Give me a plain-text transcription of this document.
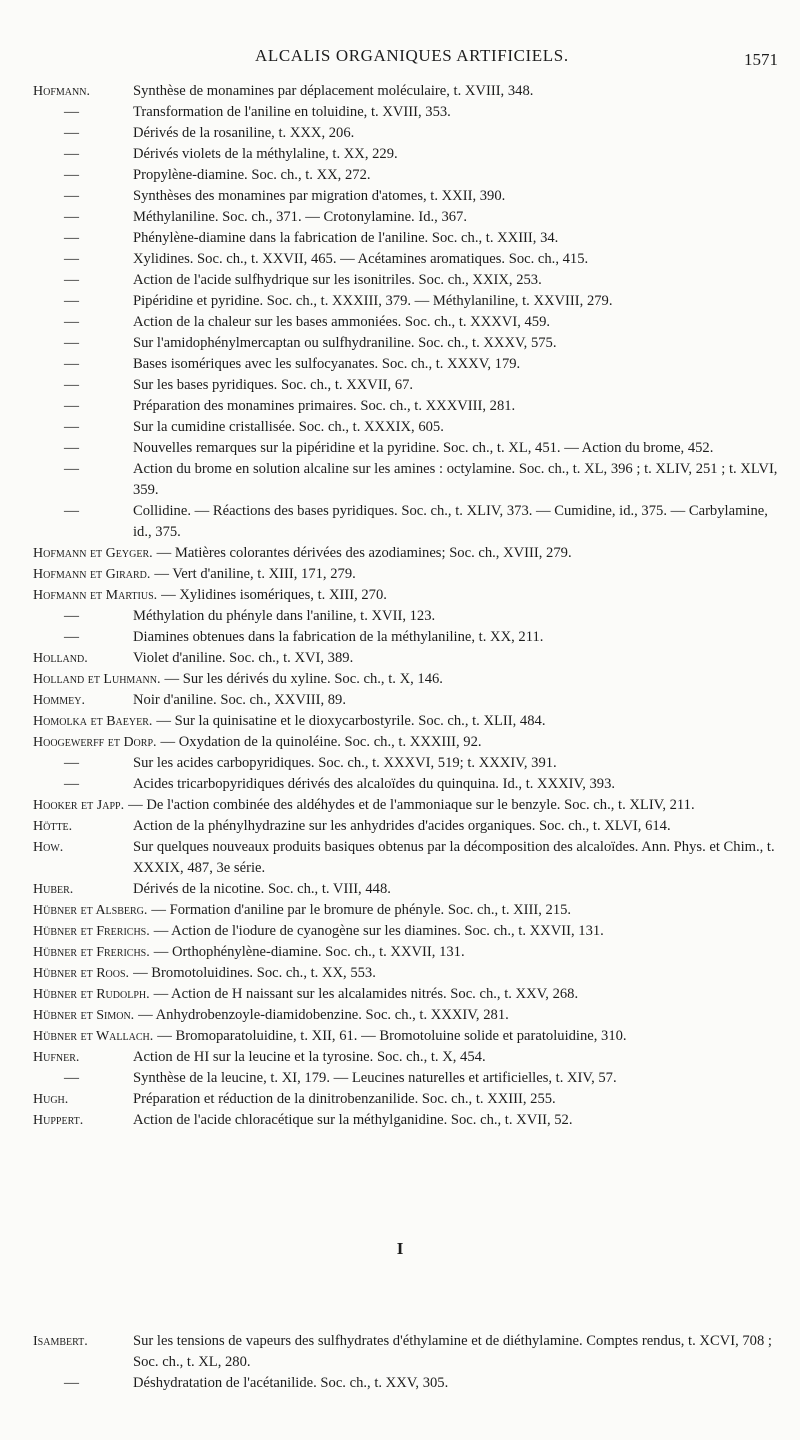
ALCALIS ORGANIQUES ARTIFICIELS.	1571
Hofmann.	Synthèse de monamines par déplacement moléculaire, t. XVIII, 348.
—	Transformation de l'aniline en toluidine, t. XVIII, 353.
—	Dérivés de la rosaniline, t. XXX, 206.
—	Dérivés violets de la méthylaline, t. XX, 229.
—	Propylène-diamine. Soc. ch., t. XX, 272.
—	Synthèses des monamines par migration d'atomes, t. XXII, 390.
—	Méthylaniline. Soc. ch., 371. — Crotonylamine. Id., 367.
—	Phénylène-diamine dans la fabrication de l'aniline. Soc. ch., t. XXIII, 34.
—	Xylidines. Soc. ch., t. XXVII, 465. — Acétamines aromatiques. Soc. ch., 415.
—	Action de l'acide sulfhydrique sur les isonitriles. Soc. ch., XXIX, 253.
—	Pipéridine et pyridine. Soc. ch., t. XXXIII, 379. — Méthylaniline, t. XXVIII, 279.
—	Action de la chaleur sur les bases ammoniées. Soc. ch., t. XXXVI, 459.
—	Sur l'amidophénylmercaptan ou sulfhydraniline. Soc. ch., t. XXXV, 575.
—	Bases isomériques avec les sulfocyanates. Soc. ch., t. XXXV, 179.
—	Sur les bases pyridiques. Soc. ch., t. XXVII, 67.
—	Préparation des monamines primaires. Soc. ch., t. XXXVIII, 281.
—	Sur la cumidine cristallisée. Soc. ch., t. XXXIX, 605.
—	Nouvelles remarques sur la pipéridine et la pyridine. Soc. ch., t. XL, 451. — Action du brome, 452.
—	Action du brome en solution alcaline sur les amines : octylamine. Soc. ch., t. XL, 396 ; t. XLIV, 251 ; t. XLVI, 359.
—	Collidine. — Réactions des bases pyridiques. Soc. ch., t. XLIV, 373. — Cumidine, id., 375. — Carbylamine, id., 375.
Hofmann et Geyger. — Matières colorantes dérivées des azodiamines; Soc. ch., XVIII, 279.
Hofmann et Girard. — Vert d'aniline, t. XIII, 171, 279.
Hofmann et Martius. — Xylidines isomériques, t. XIII, 270.
—	Méthylation du phényle dans l'aniline, t. XVII, 123.
—	Diamines obtenues dans la fabrication de la méthylaniline, t. XX, 211.
Holland.	Violet d'aniline. Soc. ch., t. XVI, 389.
Holland et Luhmann. — Sur les dérivés du xyline. Soc. ch., t. X, 146.
Hommey.	Noir d'aniline. Soc. ch., XXVIII, 89.
Homolka et Baeyer. — Sur la quinisatine et le dioxycarbostyrile. Soc. ch., t. XLII, 484.
Hoogewerff et Dorp. — Oxydation de la quinoléine. Soc. ch., t. XXXIII, 92.
—	Sur les acides carbopyridiques. Soc. ch., t. XXXVI, 519; t. XXXIV, 391.
—	Acides tricarbopyridiques dérivés des alcaloïdes du quinquina. Id., t. XXXIV, 393.
Hooker et Japp. — De l'action combinée des aldéhydes et de l'ammoniaque sur le benzyle. Soc. ch., t. XLIV, 211.
Hötte.	Action de la phénylhydrazine sur les anhydrides d'acides organiques. Soc. ch., t. XLVI, 614.
How.	Sur quelques nouveaux produits basiques obtenus par la décomposition des alcaloïdes. Ann. Phys. et Chim., t. XXXIX, 487, 3e série.
Huber.	Dérivés de la nicotine. Soc. ch., t. VIII, 448.
Hübner et Alsberg. — Formation d'aniline par le bromure de phényle. Soc. ch., t. XIII, 215.
Hübner et Frerichs. — Action de l'iodure de cyanogène sur les diamines. Soc. ch., t. XXVII, 131.
Hübner et Frerichs. — Orthophénylène-diamine. Soc. ch., t. XXVII, 131.
Hübner et Roos. — Bromotoluidines. Soc. ch., t. XX, 553.
Hübner et Rudolph. — Action de H naissant sur les alcalamides nitrés. Soc. ch., t. XXV, 268.
Hübner et Simon. — Anhydrobenzoyle-diamidobenzine. Soc. ch., t. XXXIV, 281.
Hübner et Wallach. — Bromoparatoluidine, t. XII, 61. — Bromotoluine solide et paratoluidine, 310.
Hufner.	Action de HI sur la leucine et la tyrosine. Soc. ch., t. X, 454.
—	Synthèse de la leucine, t. XI, 179. — Leucines naturelles et artificielles, t. XIV, 57.
Hugh.	Préparation et réduction de la dinitrobenzanilide. Soc. ch., t. XXIII, 255.
Huppert.	Action de l'acide chloracétique sur la méthylganidine. Soc. ch., t. XVII, 52.
I
Isambert.	Sur les tensions de vapeurs des sulfhydrates d'éthylamine et de diéthylamine. Comptes rendus, t. XCVI, 708 ; Soc. ch., t. XL, 280.
—	Déshydratation de l'acétanilide. Soc. ch., t. XXV, 305.
